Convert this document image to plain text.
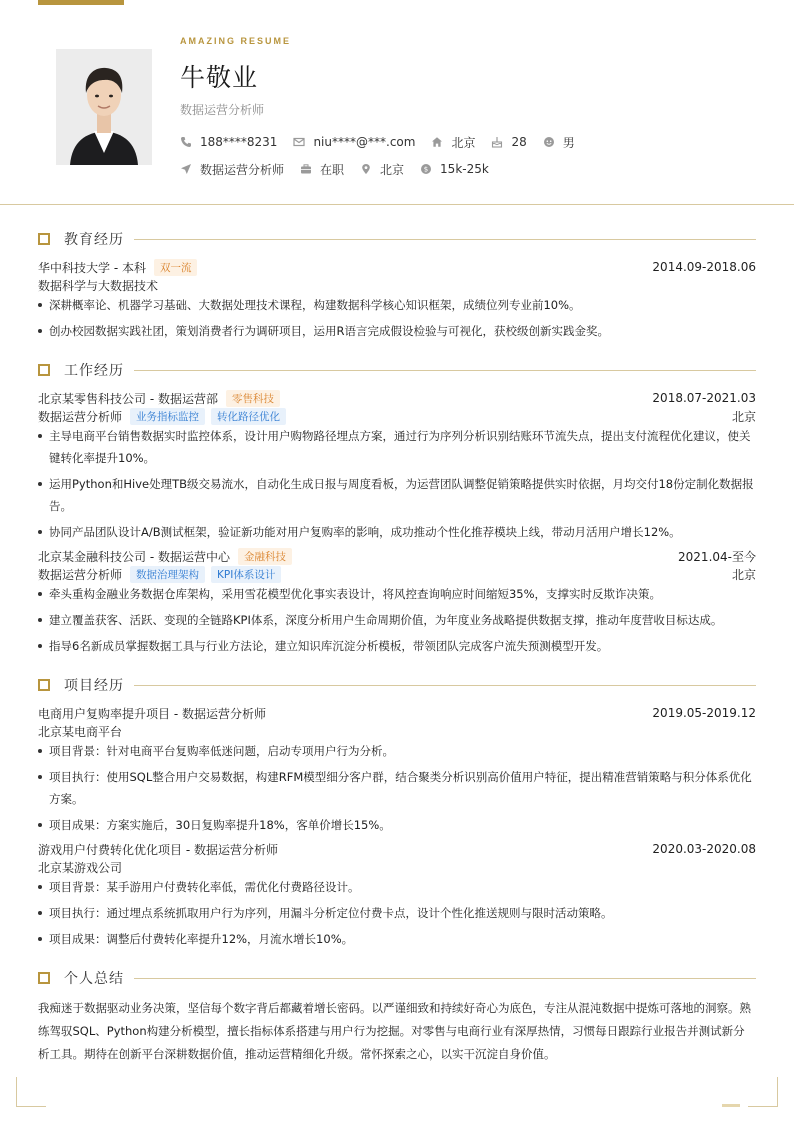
AMAZING RESUME
牛敬业
数据运营分析师
188****8231	niu****@***.com	北京	28	男
数据运营分析师	在职	北京	$ 15k-25k
教育经历
华中科技大学 - 本科	双一流	2014.09-2018.06
数据科学与大数据技术
深耕概率论、机器学习基础、大数据处理技术课程，构建数据科学核心知识框架，成绩位列专业前10%。
创办校园数据实践社团，策划消费者行为调研项目，运用R语言完成假设检验与可视化，获校级创新实践金奖。
工作经历
北京某零售科技公司 - 数据运营部	零售科技	2018.07-2021.03
数据运营分析师	业务指标监控	转化路径优化	北京
主导电商平台销售数据实时监控体系，设计用户购物路径埋点方案，通过行为序列分析识别结账环节流失点，提出支付流程优化建议，使关键转化率提升10%。
运用Python和Hive处理TB级交易流水，自动化生成日报与周度看板，为运营团队调整促销策略提供实时依据，月均交付18份定制化数据报告。
协同产品团队设计A/B测试框架，验证新功能对用户复购率的影响，成功推动个性化推荐模块上线，带动月活用户增长12%。
北京某金融科技公司 - 数据运营中心	金融科技	2021.04-至今
数据运营分析师	数据治理架构	KPI体系设计	北京
牵头重构金融业务数据仓库架构，采用雪花模型优化事实表设计，将风控查询响应时间缩短35%，支撑实时反欺诈决策。
建立覆盖获客、活跃、变现的全链路KPI体系，深度分析用户生命周期价值，为年度业务战略提供数据支撑，推动年度营收目标达成。
指导6名新成员掌握数据工具与行业方法论，建立知识库沉淀分析模板，带领团队完成客户流失预测模型开发。
项目经历
电商用户复购率提升项目 - 数据运营分析师	2019.05-2019.12
北京某电商平台
项目背景：针对电商平台复购率低迷问题，启动专项用户行为分析。
项目执行：使用SQL整合用户交易数据，构建RFM模型细分客户群，结合聚类分析识别高价值用户特征，提出精准营销策略与积分体系优化方案。
项目成果：方案实施后，30日复购率提升18%，客单价增长15%。
游戏用户付费转化优化项目 - 数据运营分析师	2020.03-2020.08
北京某游戏公司
项目背景：某手游用户付费转化率低，需优化付费路径设计。
项目执行：通过埋点系统抓取用户行为序列，用漏斗分析定位付费卡点，设计个性化推送规则与限时活动策略。
项目成果：调整后付费转化率提升12%，月流水增长10%。
个人总结
我痴迷于数据驱动业务决策，坚信每个数字背后都藏着增长密码。以严谨细致和持续好奇心为底色，专注从混沌数据中提炼可落地的洞察。熟练驾驭SQL、Python构建分析模型，擅长指标体系搭建与用户行为挖掘。对零售与电商行业有深厚热情，习惯每日跟踪行业报告并测试新分析工具。期待在创新平台深耕数据价值，推动运营精细化升级。常怀探索之心，以实干沉淀自身价值。
